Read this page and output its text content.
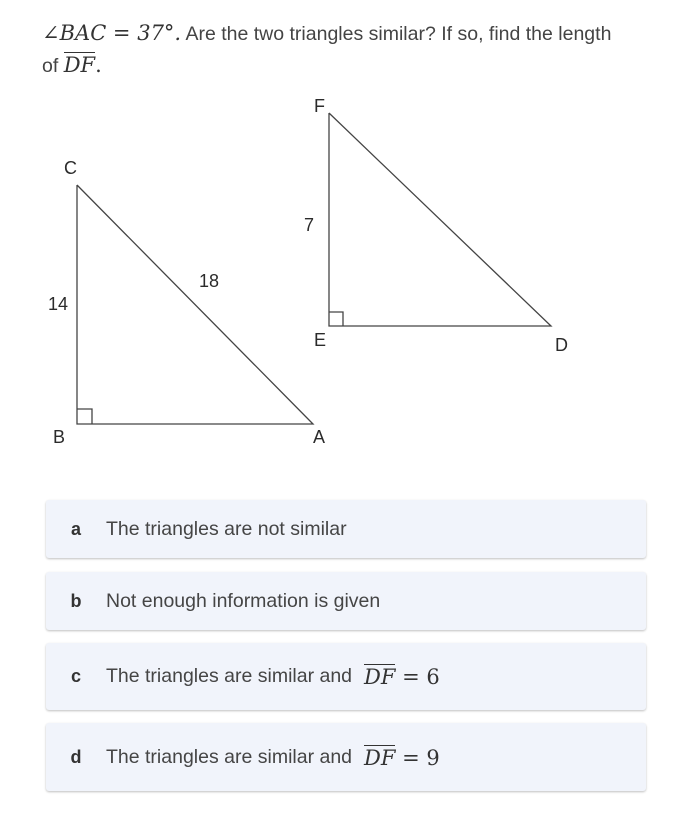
∠BAC = 37°. Are the two triangles similar? If so, find the length
of DF.
C
B	A
14
18
F
E	D
7
a	The triangles are not similar
b	Not enough information is given
c	The triangles are similar and DF = 6
d	The triangles are similar and DF = 9
